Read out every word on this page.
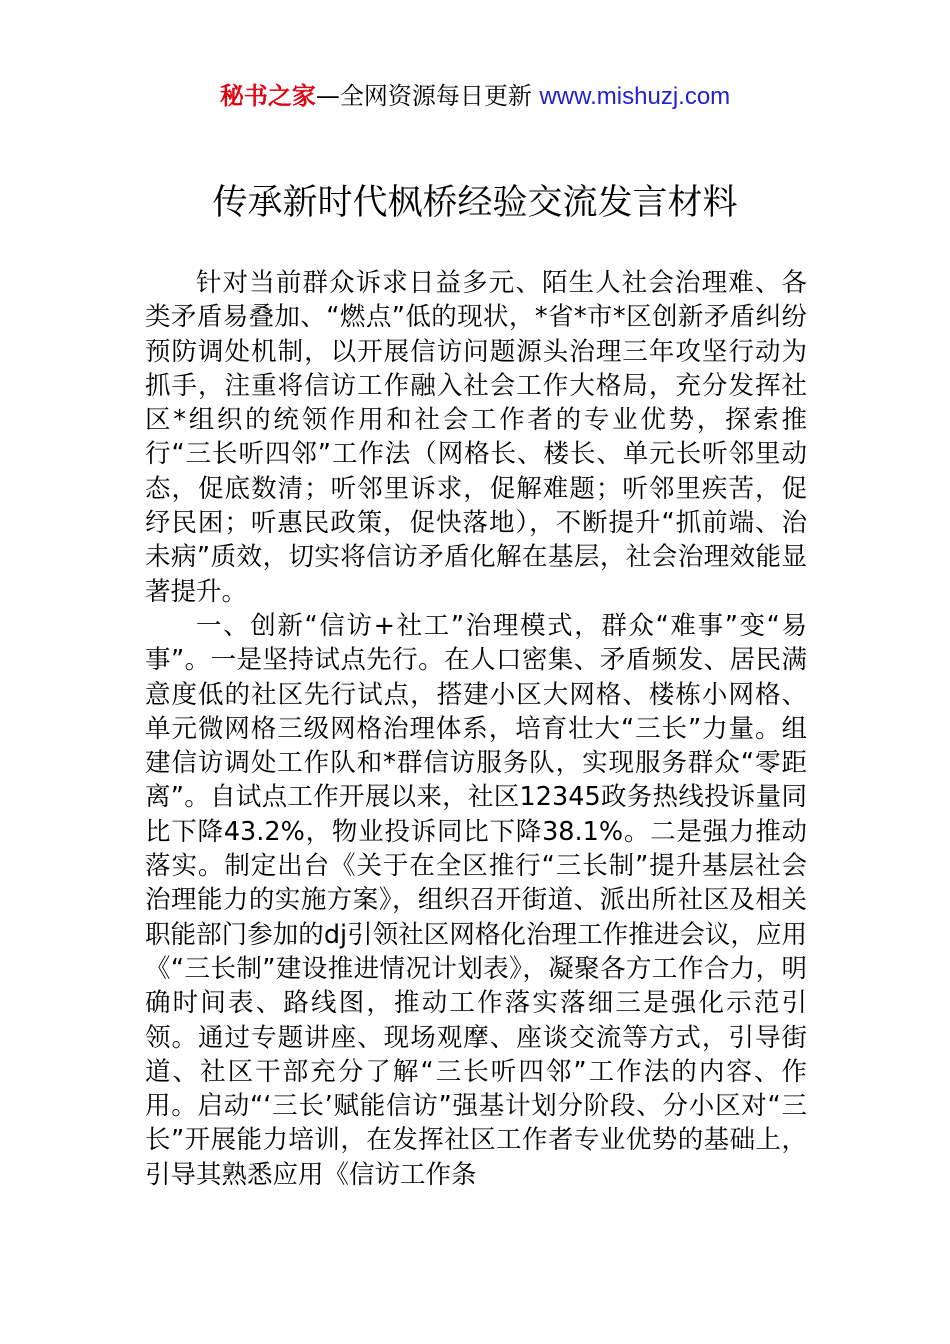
秘书之家—全网资源每日更新 www.mishuzj.com
传承新时代枫桥经验交流发言材料

针对当前群众诉求日益多元、陌生人社会治理难、各类矛盾易叠加、“燃点”低的现状，*省*市*区创新矛盾纠纷预防调处机制，以开展信访问题源头治理三年攻坚行动为抓手，注重将信访工作融入社会工作大格局，充分发挥社区*组织的统领作用和社会工作者的专业优势，探索推行“三长听四邻”工作法（网格长、楼长、单元长听邻里动态，促底数清；听邻里诉求，促解难题；听邻里疾苦，促纾民困；听惠民政策，促快落地），不断提升“抓前端、治未病”质效，切实将信访矛盾化解在基层，社会治理效能显著提升。

一、创新“信访+社工”治理模式，群众“难事”变“易事”。一是坚持试点先行。在人口密集、矛盾频发、居民满意度低的社区先行试点，搭建小区大网格、楼栋小网格、单元微网格三级网格治理体系，培育壮大“三长”力量。组建信访调处工作队和*群信访服务队，实现服务群众“零距离”。自试点工作开展以来，社区12345政务热线投诉量同比下降43.2%，物业投诉同比下降38.1%。二是强力推动落实。制定出台《关于在全区推行“三长制”提升基层社会治理能力的实施方案》，组织召开街道、派出所社区及相关职能部门参加的dj引领社区网格化治理工作推进会议，应用《“三长制”建设推进情况计划表》，凝聚各方工作合力，明确时间表、路线图，推动工作落实落细三是强化示范引领。通过专题讲座、现场观摩、座谈交流等方式，引导街道、社区干部充分了解“三长听四邻”工作法的内容、作用。启动“‘三长’赋能信访”强基计划分阶段、分小区对“三长”开展能力培训，在发挥社区工作者专业优势的基础上，引导其熟悉应用《信访工作条
